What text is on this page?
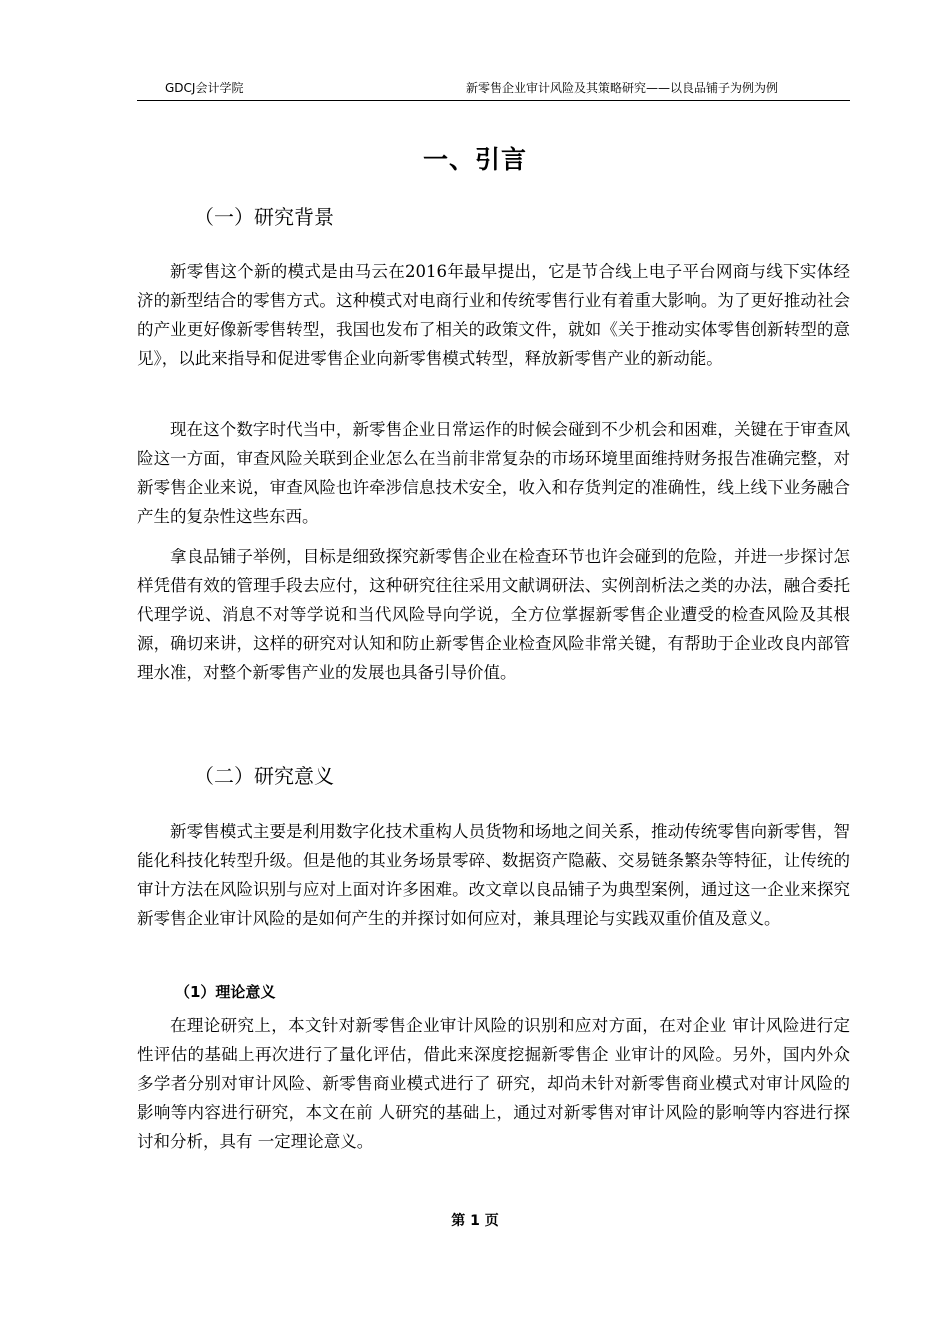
GDCJ会计学院	新零售企业审计风险及其策略研究——以良品铺子为例为例
一、引言
（一）研究背景

新零售这个新的模式是由马云在2016年最早提出，它是节合线上电子平台网商与线下实体经济的新型结合的零售方式。这种模式对电商行业和传统零售行业有着重大影响。为了更好推动社会的产业更好像新零售转型，我国也发布了相关的政策文件，就如《关于推动实体零售创新转型的意见》，以此来指导和促进零售企业向新零售模式转型，释放新零售产业的新动能。

现在这个数字时代当中，新零售企业日常运作的时候会碰到不少机会和困难，关键在于审查风险这一方面，审查风险关联到企业怎么在当前非常复杂的市场环境里面维持财务报告准确完整，对新零售企业来说，审查风险也许牵涉信息技术安全，收入和存货判定的准确性，线上线下业务融合产生的复杂性这些东西。

拿良品铺子举例，目标是细致探究新零售企业在检查环节也许会碰到的危险，并进一步探讨怎样凭借有效的管理手段去应付，这种研究往往采用文献调研法、实例剖析法之类的办法，融合委托代理学说、消息不对等学说和当代风险导向学说，全方位掌握新零售企业遭受的检查风险及其根源，确切来讲，这样的研究对认知和防止新零售企业检查风险非常关键，有帮助于企业改良内部管理水准，对整个新零售产业的发展也具备引导价值。

（二）研究意义

新零售模式主要是利用数字化技术重构人员货物和场地之间关系，推动传统零售向新零售，智能化科技化转型升级。但是他的其业务场景零碎、数据资产隐蔽、交易链条繁杂等特征，让传统的审计方法在风险识别与应对上面对许多困难。改文章以良品铺子为典型案例，通过这一企业来探究新零售企业审计风险的是如何产生的并探讨如何应对，兼具理论与实践双重价值及意义。

（1）理论意义

在理论研究上，本文针对新零售企业审计风险的识别和应对方面，在对企业 审计风险进行定性评估的基础上再次进行了量化评估，借此来深度挖掘新零售企 业审计的风险。另外，国内外众多学者分别对审计风险、新零售商业模式进行了 研究，却尚未针对新零售商业模式对审计风险的影响等内容进行研究，本文在前 人研究的基础上，通过对新零售对审计风险的影响等内容进行探讨和分析，具有 一定理论意义。

第 1 页
